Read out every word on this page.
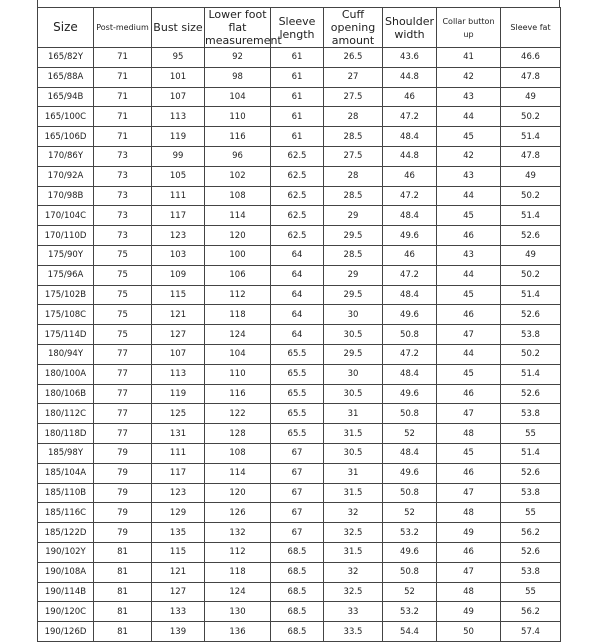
Size	Post-medium	Bust size	Lower foot flat measurement	Sleeve length	Cuff opening amount	Shoulder width	Collar button up	Sleeve fat
165/82Y	71	95	92	61	26.5	43.6	41	46.6
165/88A	71	101	98	61	27	44.8	42	47.8
165/94B	71	107	104	61	27.5	46	43	49
165/100C	71	113	110	61	28	47.2	44	50.2
165/106D	71	119	116	61	28.5	48.4	45	51.4
170/86Y	73	99	96	62.5	27.5	44.8	42	47.8
170/92A	73	105	102	62.5	28	46	43	49
170/98B	73	111	108	62.5	28.5	47.2	44	50.2
170/104C	73	117	114	62.5	29	48.4	45	51.4
170/110D	73	123	120	62.5	29.5	49.6	46	52.6
175/90Y	75	103	100	64	28.5	46	43	49
175/96A	75	109	106	64	29	47.2	44	50.2
175/102B	75	115	112	64	29.5	48.4	45	51.4
175/108C	75	121	118	64	30	49.6	46	52.6
175/114D	75	127	124	64	30.5	50.8	47	53.8
180/94Y	77	107	104	65.5	29.5	47.2	44	50.2
180/100A	77	113	110	65.5	30	48.4	45	51.4
180/106B	77	119	116	65.5	30.5	49.6	46	52.6
180/112C	77	125	122	65.5	31	50.8	47	53.8
180/118D	77	131	128	65.5	31.5	52	48	55
185/98Y	79	111	108	67	30.5	48.4	45	51.4
185/104A	79	117	114	67	31	49.6	46	52.6
185/110B	79	123	120	67	31.5	50.8	47	53.8
185/116C	79	129	126	67	32	52	48	55
185/122D	79	135	132	67	32.5	53.2	49	56.2
190/102Y	81	115	112	68.5	31.5	49.6	46	52.6
190/108A	81	121	118	68.5	32	50.8	47	53.8
190/114B	81	127	124	68.5	32.5	52	48	55
190/120C	81	133	130	68.5	33	53.2	49	56.2
190/126D	81	139	136	68.5	33.5	54.4	50	57.4
